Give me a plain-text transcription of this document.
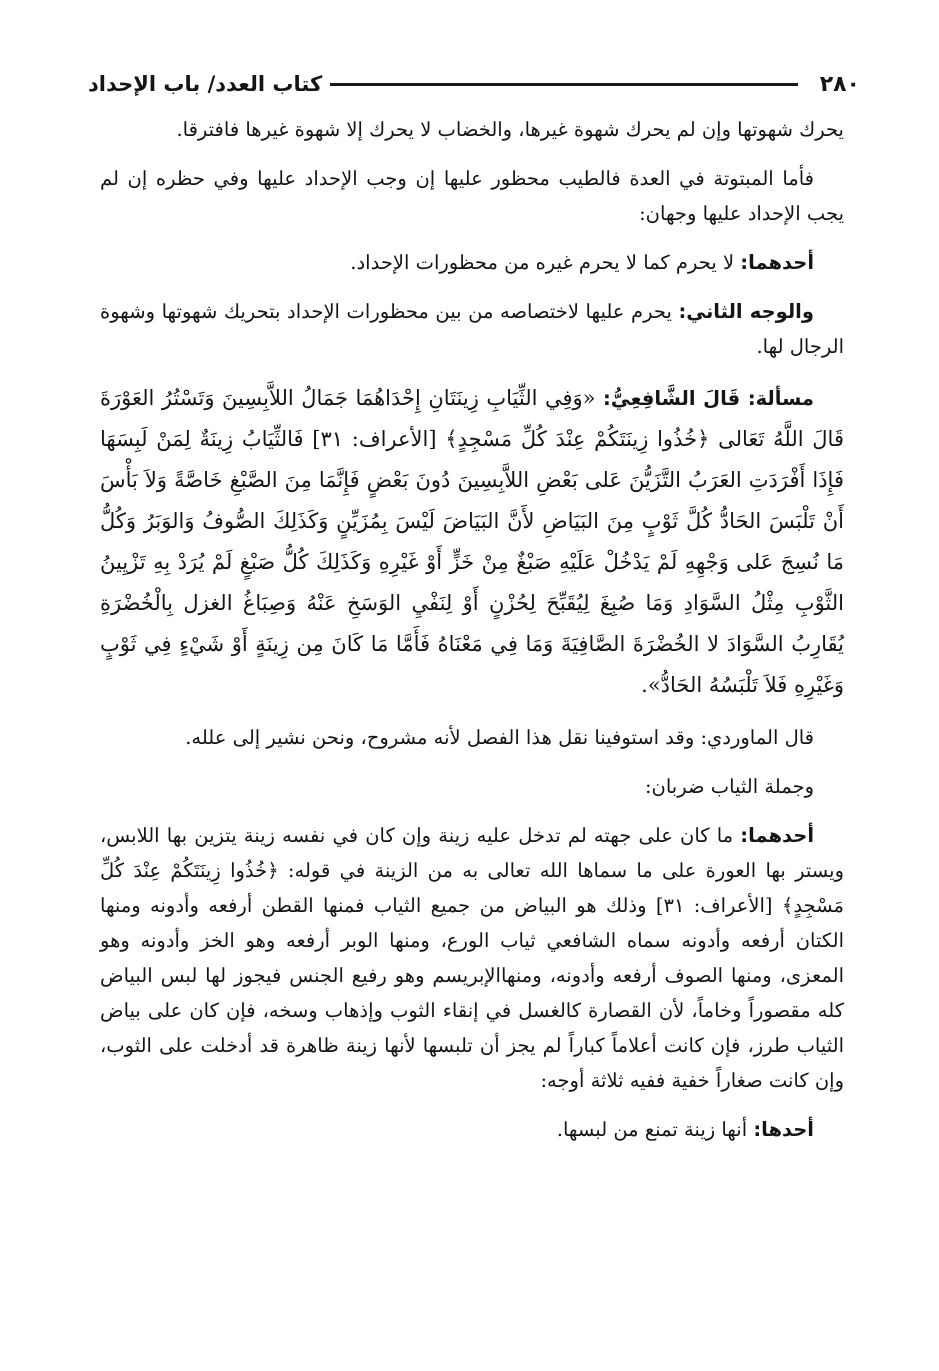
٢٨٠
كتاب العدد/ باب الإحداد

يحرك شهوتها وإن لم يحرك شهوة غيرها، والخضاب لا يحرك إلا شهوة غيرها فافترقا.

فأما المبتوتة في العدة فالطيب محظور عليها إن وجب الإحداد عليها وفي حظره إن لم يجب الإحداد عليها وجهان:

أحدهما: لا يحرم كما لا يحرم غيره من محظورات الإحداد.

والوجه الثاني: يحرم عليها لاختصاصه من بين محظورات الإحداد بتحريك شهوتها وشهوة الرجال لها.

مسألة: قَالَ الشَّافِعِيُّ: «وَفِي الثِّيَابِ زِينَتَانِ إِحْدَاهُمَا جَمَالُ اللاَّبِسِينَ وَتَسْتُرُ العَوْرَةَ قَالَ اللَّهُ تَعَالى ﴿خُذُوا زِينَتَكُمْ عِنْدَ كُلِّ مَسْجِدٍ﴾ [الأعراف: ٣١] فَالثِّيَابُ زِينَةٌ لِمَنْ لَبِسَهَا فَإِذَا أَفْرَدَتِ العَرَبُ التَّزَيُّنَ عَلى بَعْضِ اللاَّبِسِينَ دُونَ بَعْضٍ فَإِنَّمَا مِنَ الصَّبْغِ خَاصَّةً وَلاَ بَأْسَ أَنْ تَلْبَسَ الحَادُّ كُلَّ ثَوْبٍ مِنَ البَيَاضِ لأَنَّ البَيَاضَ لَيْسَ بِمُزَيِّنٍ وَكَذَلِكَ الصُّوفُ وَالوَبَرُ وَكُلُّ مَا نُسِجَ عَلى وَجْهِهِ لَمْ يَدْخُلْ عَلَيْهِ صَبْغٌ مِنْ خَزٍّ أَوْ غَيْرِهِ وَكَذَلِكَ كُلُّ صَبْغٍ لَمْ يُرَدْ بِهِ تَزْيِينُ الثَّوْبِ مِثْلُ السَّوَادِ وَمَا صُبِغَ لِيُقَبِّحَ لِحُزْنٍ أَوْ لِنَفْيِ الوَسَخِ عَنْهُ وَصِبَاغُ الغزل بِالْخُضْرَةِ يُقَارِبُ السَّوَادَ لا الخُضْرَةَ الصَّافِيَةَ وَمَا فِي مَعْنَاهُ فَأَمَّا مَا كَانَ مِن زِينَةٍ أَوْ شَيْءٍ فِي ثَوْبٍ وَغَيْرِهِ فَلاَ تَلْبَسُهُ الحَادُّ».

قال الماوردي: وقد استوفينا نقل هذا الفصل لأنه مشروح، ونحن نشير إلى علله.

وجملة الثياب ضربان:

أحدهما: ما كان على جهته لم تدخل عليه زينة وإن كان في نفسه زينة يتزين بها اللابس، ويستر بها العورة على ما سماها الله تعالى به من الزينة في قوله: ﴿خُذُوا زِينَتَكُمْ عِنْدَ كُلِّ مَسْجِدٍ﴾ [الأعراف: ٣١] وذلك هو البياض من جميع الثياب فمنها القطن أرفعه وأدونه ومنها الكتان أرفعه وأدونه سماه الشافعي ثياب الورع، ومنها الوبر أرفعه وهو الخز وأدونه وهو المعزى، ومنها الصوف أرفعه وأدونه، ومنهاالإبريسم وهو رفيع الجنس فيجوز لها لبس البياض كله مقصوراً وخاماً، لأن القصارة كالغسل في إنقاء الثوب وإذهاب وسخه، فإن كان على بياض الثياب طرز، فإن كانت أعلاماً كباراً لم يجز أن تلبسها لأنها زينة ظاهرة قد أدخلت على الثوب، وإن كانت صغاراً خفية ففيه ثلاثة أوجه:

أحدها: أنها زينة تمنع من لبسها.
